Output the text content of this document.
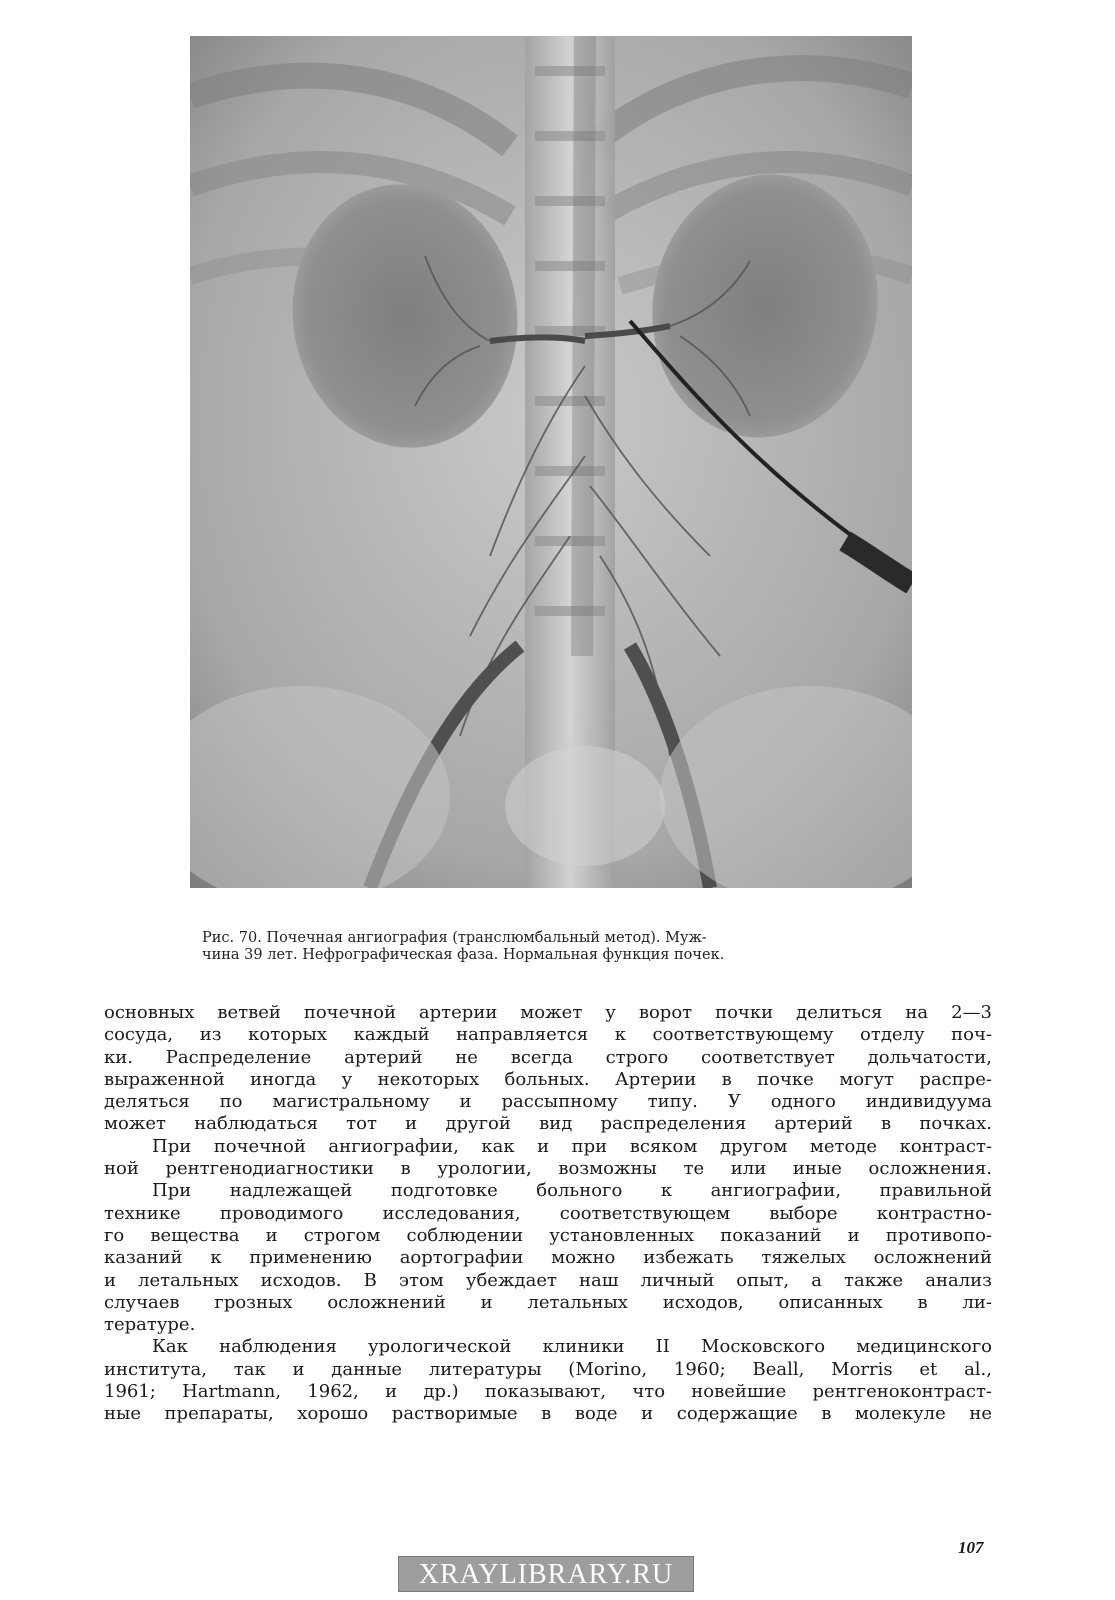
Рис. 70. Почечная ангиография (транслюмбальный метод). Муж-
чина 39 лет. Нефрографическая фаза. Нормальная функция почек.
основных ветвей почечной артерии может у ворот почки делиться на 2—3
сосуда, из которых каждый направляется к соответствующему отделу поч-
ки. Распределение артерий не всегда строго соответствует дольчатости,
выраженной иногда у некоторых больных. Артерии в почке могут распре-
деляться по магистральному и рассыпному типу. У одного индивидуума
может наблюдаться тот и другой вид распределения артерий в почках.
При почечной ангиографии, как и при всяком другом методе контраст-
ной рентгенодиагностики в урологии, возможны те или иные осложнения.
При надлежащей подготовке больного к ангиографии, правильной
технике проводимого исследования, соответствующем выборе контрастно-
го вещества и строгом соблюдении установленных показаний и противопо-
казаний к применению аортографии можно избежать тяжелых осложнений
и летальных исходов. В этом убеждает наш личный опыт, а также анализ
случаев грозных осложнений и летальных исходов, описанных в ли-
тературе.
Как наблюдения урологической клиники II Московского медицинского
института, так и данные литературы (Morino, 1960; Beall, Morris et al.,
1961; Hartmann, 1962, и др.) показывают, что новейшие рентгеноконтраст-
ные препараты, хорошо растворимые в воде и содержащие в молекуле не
107
XRAYLIBRARY.RU
